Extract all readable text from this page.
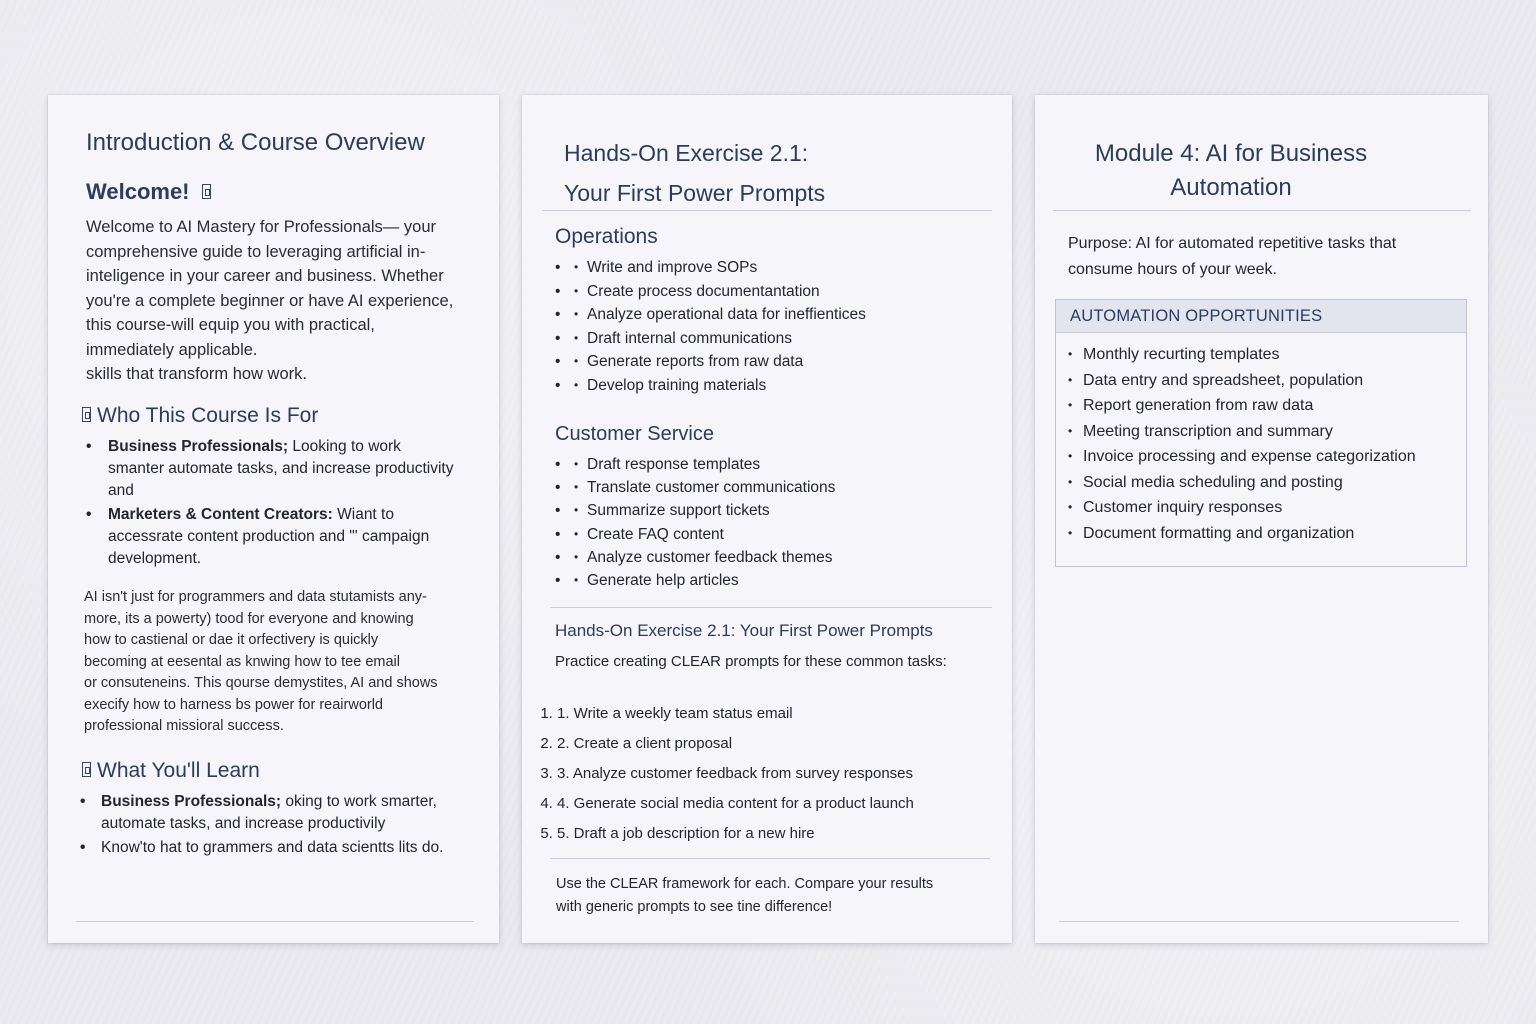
Introduction & Course Overview
Welcome!
Welcome to AI Mastery for Professionals— your
comprehensive guide to leveraging artificial in-
inteligence in your career and business. Whether
you're a complete beginner or have AI experience,
this course-will equip you with practical,
immediately applicable.
skills that transform how work.
Who This Course Is For
• Business Professionals; Looking to work smanter automate tasks, and increase productivity and
• Marketers & Content Creators: Wiant to accessrate content production and "' campaign development.
AI isn't just for programmers and data stutamists any-
more, its a powerty) tood for everyone and knowing
how to castienal or dae it orfectivery is quickly
becoming at eesental as knwing how to tee email
or consuteneins. This qourse demystites, AI and shows
execify how to harness bs power for reairworld
professional missioral success.
What You'll Learn
• Business Professionals; oking to work smarter, automate tasks, and increase productivily
• Know'to hat to grammers and data scientts lits do.
Hands-On Exercise 2.1:
Your First Power Prompts
Operations
• Write and improve SOPs •
• Create process documentantation •
• Analyze operational data for ineffientices •
• Draft internal communications •
• Generate reports from raw data •
• Develop training materials •
Customer Service
• Draft response templates •
• Translate customer communications •
• Summarize support tickets •
• Create FAQ content •
• Analyze customer feedback themes •
• Generate help articles •
Hands-On Exercise 2.1: Your First Power Prompts
Practice creating CLEAR prompts for these common tasks:
1. 1. Write a weekly team status email
2. 2. Create a client proposal
3. 3. Analyze customer feedback from survey responses
4. 4. Generate social media content for a product launch
5. 5. Draft a job description for a new hire
Use the CLEAR framework for each. Compare your results
with generic prompts to see tine difference!
Module 4: AI for Business
Automation
Purpose: AI for automated repetitive tasks that
consume hours of your week.
AUTOMATION OPPORTUNITIES
• Monthly recurting templates
• Data entry and spreadsheet, population
• Report generation from raw data
• Meeting transcription and summary
• Invoice processing and expense categorization
• Social media scheduling and posting
• Customer inquiry responses
• Document formatting and organization
